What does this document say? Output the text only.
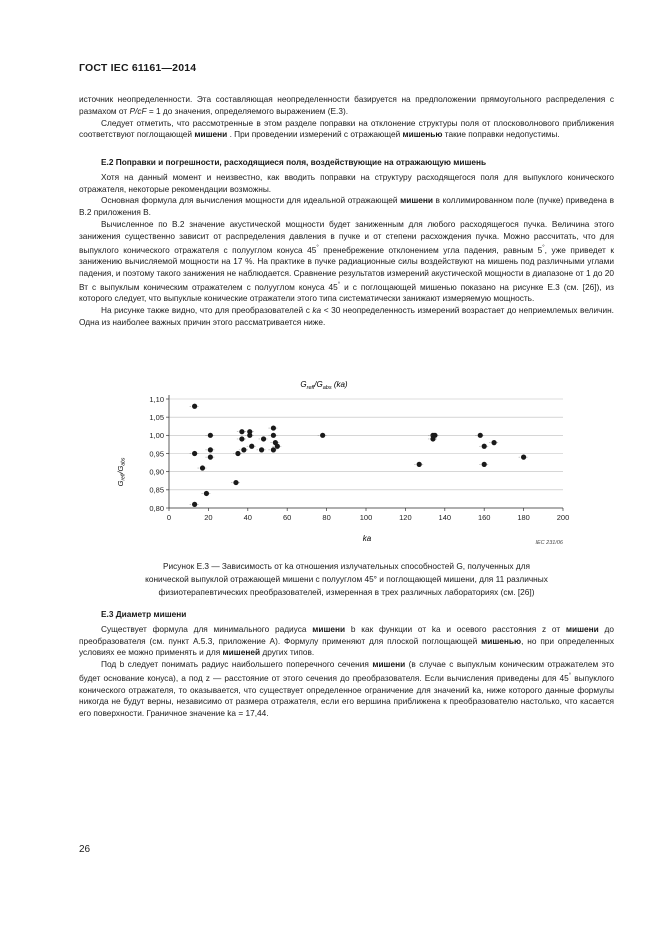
ГОСТ IEC 61161—2014

источник неопределенности. Эта составляющая неопределенности базируется на предположении прямоугольного распределения с размахом от P/cF = 1 до значения, определяемого выражением (Е.3).

Следует отметить, что рассмотренные в этом разделе поправки на отклонение структуры поля от плосковолнового приближения соответствуют поглощающей мишени . При проведении измерений с отражающей мишенью такие поправки недопустимы.

Е.2 Поправки и погрешности, расходящиеся поля, воздействующие на отражающую мишень

Хотя на данный момент и неизвестно, как вводить поправки на структуру расходящегося поля для выпуклого конического отражателя, некоторые рекомендации возможны.

Основная формула для вычисления мощности для идеальной отражающей мишени в коллимированном поле (пучке) приведена в В.2 приложения В.

Вычисленное по В.2 значение акустической мощности будет заниженным для любого расходящегося пучка. Величина этого занижения существенно зависит от распределения давления в пучке и от степени расхождения пучка. Можно рассчитать, что для выпуклого конического отражателя с полууглом конуса 45° пренебрежение отклонением угла падения, равным 5°, уже приведет к занижению вычисляемой мощности на 17 %. На практике в пучке радиационные силы воздействуют на мишень под различными углами падения, и поэтому такого занижения не наблюдается. Сравнение результатов измерений акустической мощности в диапазоне от 1 до 20 Вт с выпуклым коническим отражателем с полууглом конуса 45° и с поглощающей мишенью показано на рисунке Е.3 (см. [26]), из которого следует, что выпуклые конические отражатели этого типа систематически занижают измеряемую мощность.

На рисунке также видно, что для преобразователей с ka < 30 неопределенность измерений возрастает до неприемлемых величин. Одна из наиболее важных причин этого рассматривается ниже.

$G_{refl}/G_{abs}$ (ka)
0,80
0,85
0,90
0,95
1,00
1,05
1,10
0	20	40	60	80	100	120	140	160	180	200
$G_{refl}/G_{abs}$
ka	IEC 231/06

Рисунок Е.3 — Зависимость от ka отношения излучательных способностей G, полученных для

конической выпуклой отражающей мишени с полууглом 45° и поглощающей мишени, для 11 различных

физиотерапевтических преобразователей, измеренная в трех различных лабораториях (см. [26])

Е.3 Диаметр мишени

Существует формула для минимального радиуса мишени b как функции от ka и осевого расстояния z от мишени до преобразователя (см. пункт А.5.3, приложение А). Формулу применяют для плоской поглощающей мишенью, но при определенных условиях ее можно применять и для мишеней других типов.

Под b следует понимать радиус наибольшего поперечного сечения мишени (в случае с выпуклым коническим отражателем это будет основание конуса), а под z — расстояние от этого сечения до преобразователя. Если вычисления приведены для 45° выпуклого конического отражателя, то оказывается, что существует определенное ограничение для значений ka, ниже которого данные формулы никогда не будут верны, независимо от размера отражателя, если его вершина приближена к преобразователю настолько, что касается его поверхности. Граничное значение ka = 17,44.

26
